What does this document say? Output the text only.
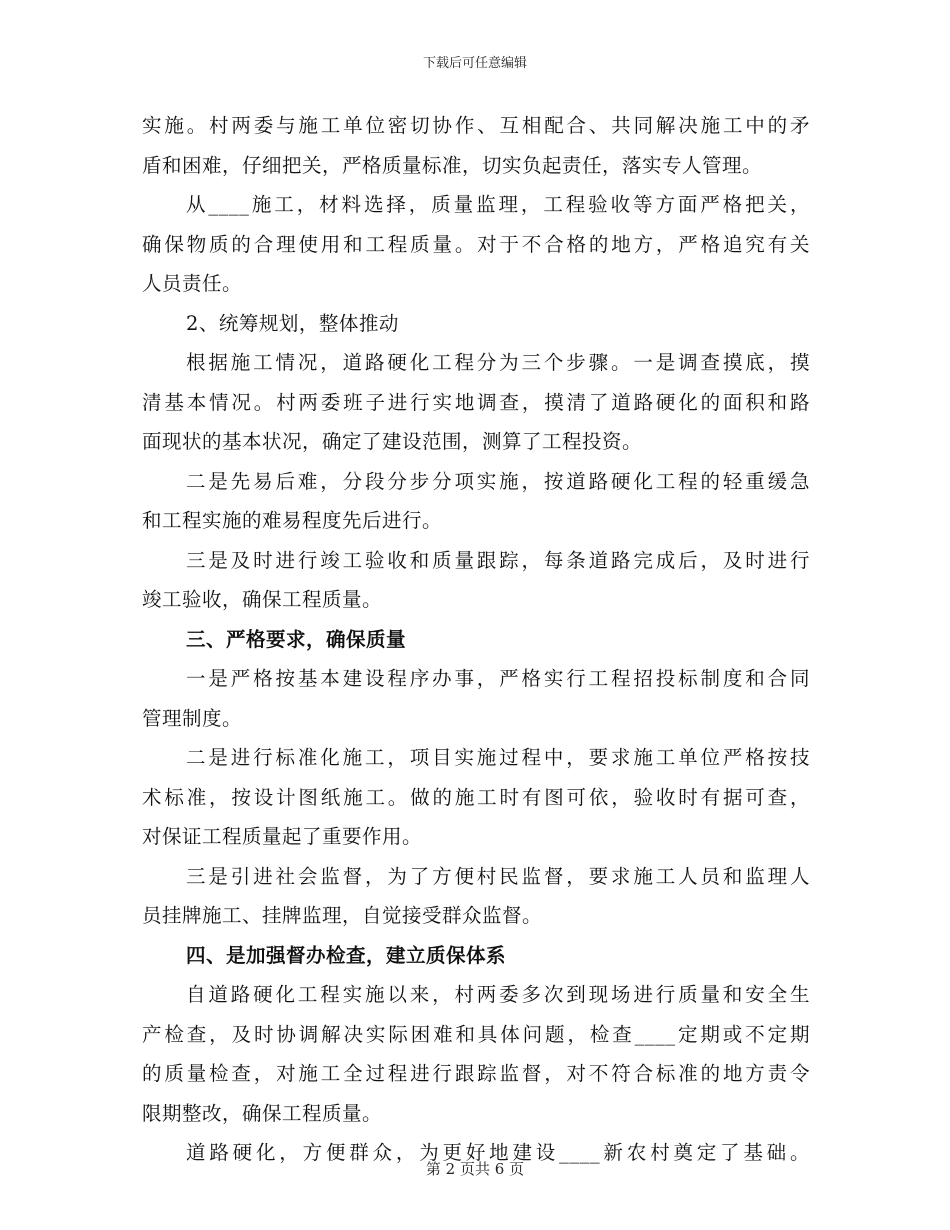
下载后可任意编辑
实施。村两委与施工单位密切协作、互相配合、共同解决施工中的矛
盾和困难，仔细把关，严格质量标准，切实负起责任，落实专人管理。
从____施工，材料选择，质量监理，工程验收等方面严格把关，
确保物质的合理使用和工程质量。对于不合格的地方，严格追究有关
人员责任。
2、统筹规划，整体推动
根据施工情况，道路硬化工程分为三个步骤。一是调查摸底，摸
清基本情况。村两委班子进行实地调查，摸清了道路硬化的面积和路
面现状的基本状况，确定了建设范围，测算了工程投资。
二是先易后难，分段分步分项实施，按道路硬化工程的轻重缓急
和工程实施的难易程度先后进行。
三是及时进行竣工验收和质量跟踪，每条道路完成后，及时进行
竣工验收，确保工程质量。
三、严格要求，确保质量
一是严格按基本建设程序办事，严格实行工程招投标制度和合同
管理制度。
二是进行标准化施工，项目实施过程中，要求施工单位严格按技
术标准，按设计图纸施工。做的施工时有图可依，验收时有据可查，
对保证工程质量起了重要作用。
三是引进社会监督，为了方便村民监督，要求施工人员和监理人
员挂牌施工、挂牌监理，自觉接受群众监督。
四、是加强督办检查，建立质保体系
自道路硬化工程实施以来，村两委多次到现场进行质量和安全生
产检查，及时协调解决实际困难和具体问题，检查____定期或不定期
的质量检查，对施工全过程进行跟踪监督，对不符合标准的地方责令
限期整改，确保工程质量。
道路硬化，方便群众，为更好地建设____新农村奠定了基础。
第 2 页共 6 页
